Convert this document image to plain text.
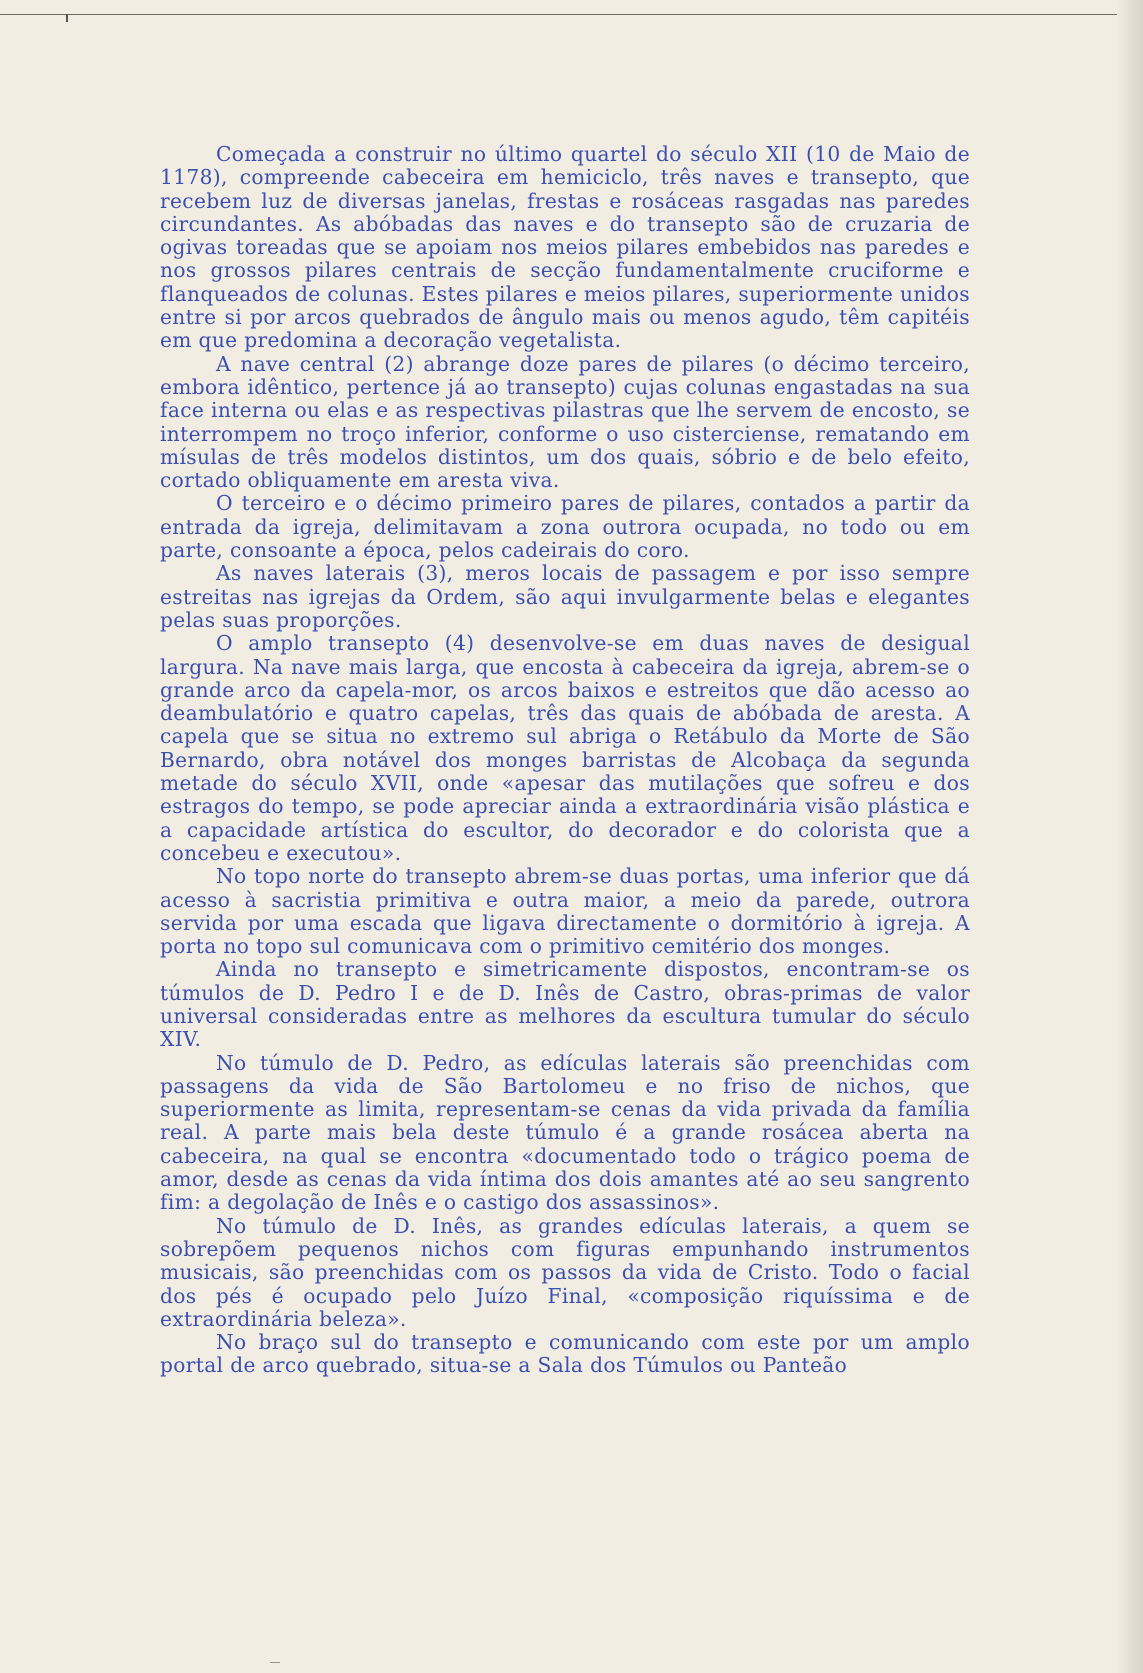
Começada a construir no último quartel do século XII (10 de Maio de 1178), compreende cabeceira em hemiciclo, três naves e transepto, que recebem luz de diversas janelas, frestas e rosáceas rasgadas nas paredes circundantes. As abóbadas das naves e do transepto são de cruzaria de ogivas toreadas que se apoiam nos meios pilares embebidos nas paredes e nos grossos pilares centrais de secção fundamentalmente cruciforme e flanqueados de colunas. Estes pilares e meios pilares, superiormente unidos entre si por arcos quebrados de ângulo mais ou menos agudo, têm capitéis em que predomina a decoração vegetalista.

A nave central (2) abrange doze pares de pilares (o décimo terceiro, embora idêntico, pertence já ao transepto) cujas colunas engastadas na sua face interna ou elas e as respectivas pilastras que lhe servem de encosto, se interrompem no troço inferior, conforme o uso cisterciense, rematando em mísulas de três modelos distintos, um dos quais, sóbrio e de belo efeito, cortado obliquamente em aresta viva.

O terceiro e o décimo primeiro pares de pilares, contados a partir da entrada da igreja, delimitavam a zona outrora ocupada, no todo ou em parte, consoante a época, pelos cadeirais do coro.

As naves laterais (3), meros locais de passagem e por isso sempre estreitas nas igrejas da Ordem, são aqui invulgarmente belas e elegantes pelas suas proporções.

O amplo transepto (4) desenvolve-se em duas naves de desigual largura. Na nave mais larga, que encosta à cabeceira da igreja, abrem-se o grande arco da capela-mor, os arcos baixos e estreitos que dão acesso ao deambulatório e quatro capelas, três das quais de abóbada de aresta. A capela que se situa no extremo sul abriga o Retábulo da Morte de São Bernardo, obra notável dos monges barristas de Alcobaça da segunda metade do século XVII, onde «apesar das mutilações que sofreu e dos estragos do tempo, se pode apreciar ainda a extraordinária visão plástica e a capacidade artística do escultor, do decorador e do colorista que a concebeu e executou».

No topo norte do transepto abrem-se duas portas, uma inferior que dá acesso à sacristia primitiva e outra maior, a meio da parede, outrora servida por uma escada que ligava directamente o dormitório à igreja. A porta no topo sul comunicava com o primitivo cemitério dos monges.

Ainda no transepto e simetricamente dispostos, encontram-se os túmulos de D. Pedro I e de D. Inês de Castro, obras-primas de valor universal consideradas entre as melhores da escultura tumular do século XIV.

No túmulo de D. Pedro, as edículas laterais são preenchidas com passagens da vida de São Bartolomeu e no friso de nichos, que superiormente as limita, representam-se cenas da vida privada da família real. A parte mais bela deste túmulo é a grande rosácea aberta na cabeceira, na qual se encontra «documentado todo o trágico poema de amor, desde as cenas da vida íntima dos dois amantes até ao seu sangrento fim: a degolação de Inês e o castigo dos assassinos».

No túmulo de D. Inês, as grandes edículas laterais, a quem se sobrepõem pequenos nichos com figuras empunhando instrumentos musicais, são preenchidas com os passos da vida de Cristo. Todo o facial dos pés é ocupado pelo Juízo Final, «composição riquíssima e de extraordinária beleza».

No braço sul do transepto e comunicando com este por um amplo portal de arco quebrado, situa-se a Sala dos Túmulos ou Panteão
